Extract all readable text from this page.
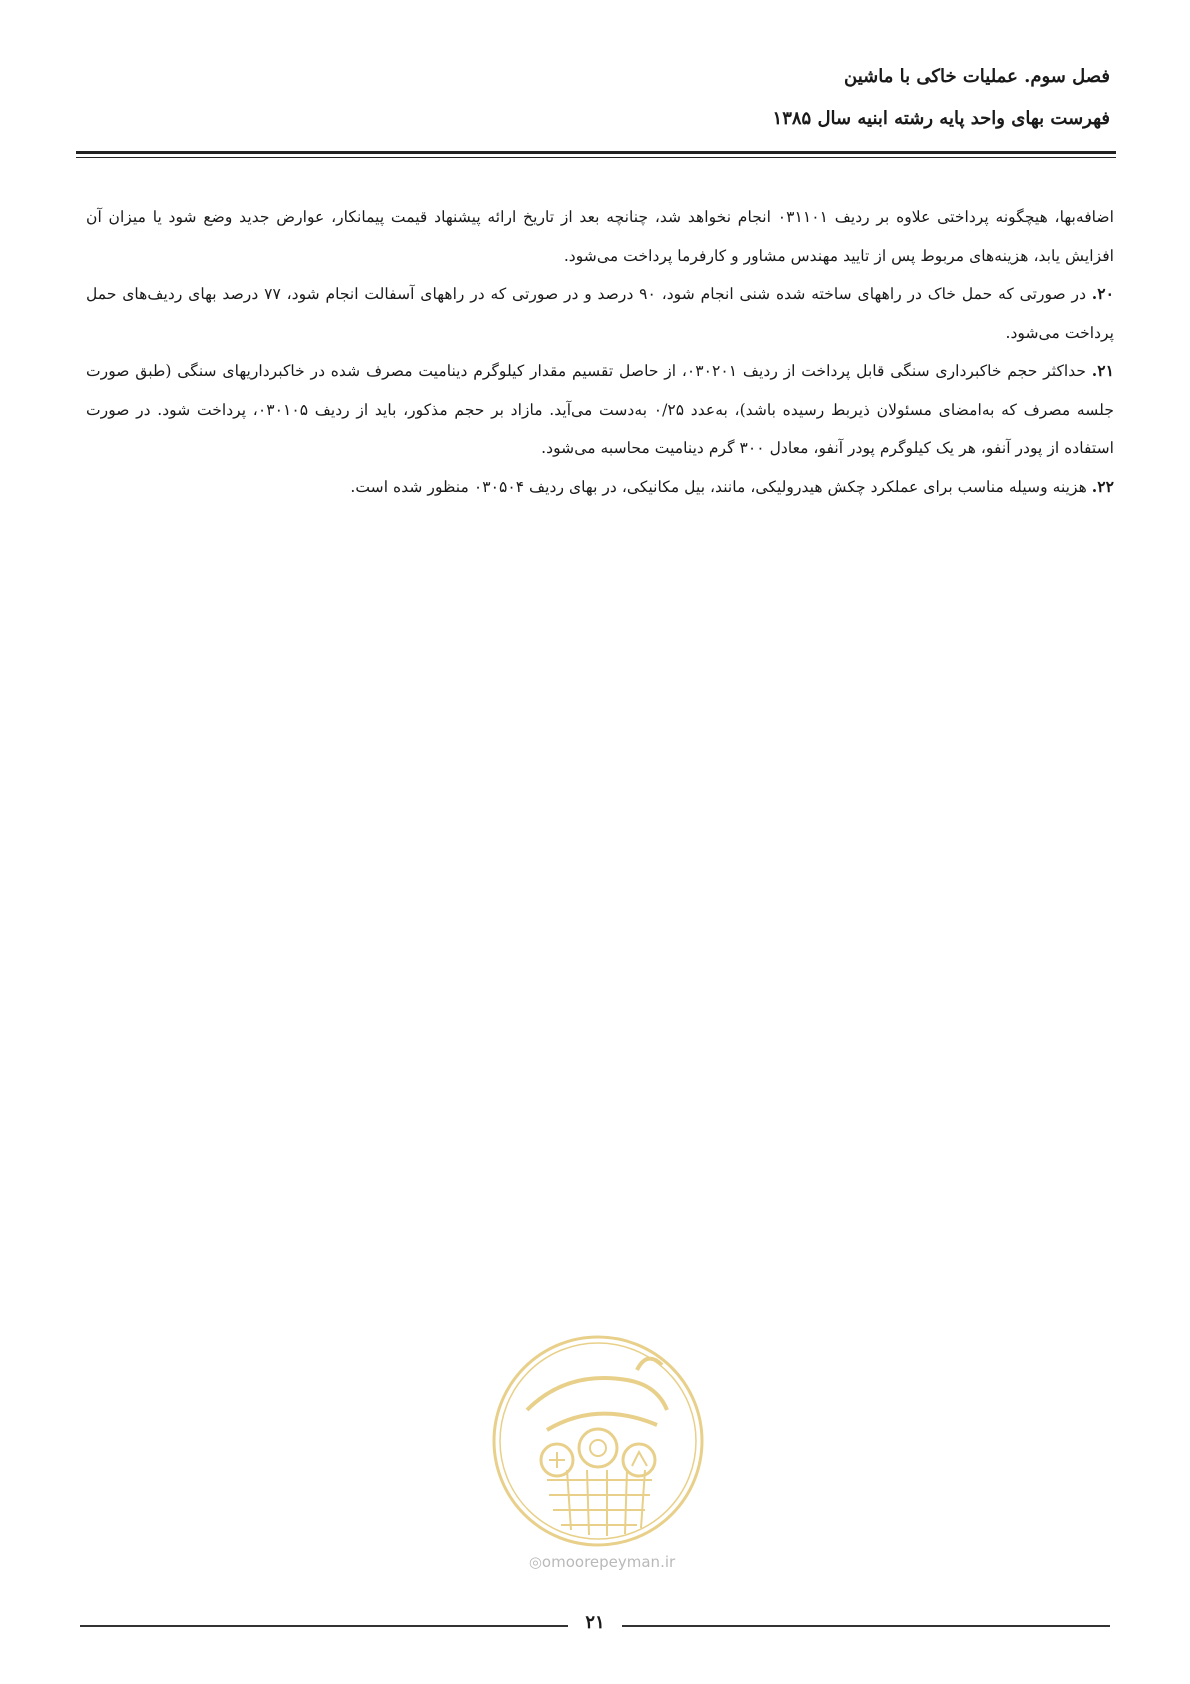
فصل سوم. عملیات خاکی با ماشین
فهرست بهای واحد پایه رشته ابنیه سال ۱۳۸۵

اضافه‌بها، هیچگونه پرداختی علاوه بر ردیف ۰۳۱۱۰۱ انجام نخواهد شد، چنانچه بعد از تاریخ ارائه پیشنهاد قیمت پیمانکار، عوارض جدید وضع شود یا میزان آن افزایش یابد، هزینه‌های مربوط پس از تایید مهندس مشاور و کارفرما پرداخت می‌شود.

۲۰. در صورتی که حمل خاک در راههای ساخته شده شنی انجام شود، ۹۰ درصد و در صورتی که در راههای آسفالت انجام شود، ۷۷ درصد بهای ردیف‌های حمل پرداخت می‌شود.

۲۱. حداکثر حجم خاکبرداری سنگی قابل پرداخت از ردیف ۰۳۰۲۰۱، از حاصل تقسیم مقدار کیلوگرم دینامیت مصرف شده در خاکبرداریهای سنگی (طبق صورت جلسه مصرف که به‌امضای مسئولان ذیربط رسیده باشد)، به‌عدد ۰/۲۵ به‌دست می‌آید. مازاد بر حجم مذکور، باید از ردیف ۰۳۰۱۰۵، پرداخت شود. در صورت استفاده از پودر آنفو، هر یک کیلوگرم پودر آنفو، معادل ۳۰۰ گرم دینامیت محاسبه می‌شود.

۲۲. هزینه وسیله مناسب برای عملکرد چکش هیدرولیکی، مانند، بیل مکانیکی، در بهای ردیف ۰۳۰۵۰۴ منظور شده است.

◎omoorepeyman.ir
۲۱
